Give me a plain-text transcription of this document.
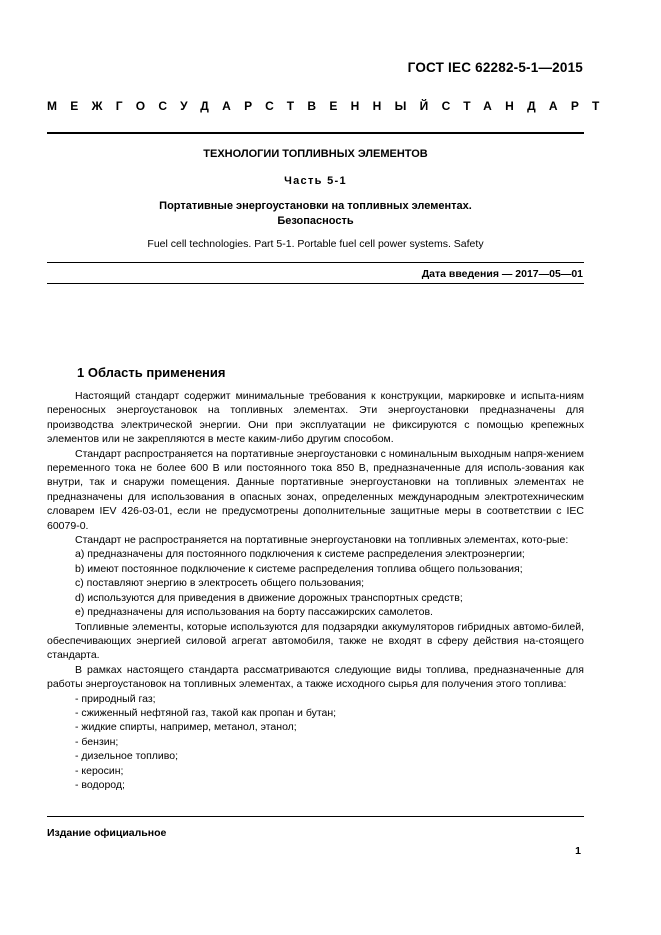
ГОСТ IEC 62282-5-1—2015
МЕЖГОСУДАРСТВЕННЫЙ СТАНДАРТ
ТЕХНОЛОГИИ ТОПЛИВНЫХ ЭЛЕМЕНТОВ
Часть 5-1
Портативные энергоустановки на топливных элементах.
Безопасность
Fuel cell technologies. Part 5-1. Portable fuel cell power systems. Safety
Дата введения — 2017—05—01
1 Область применения
Настоящий стандарт содержит минимальные требования к конструкции, маркировке и испыта-ниям переносных энергоустановок на топливных элементах. Эти энергоустановки предназначены для производства электрической энергии. Они при эксплуатации не фиксируются с помощью крепежных элементов или не закрепляются в месте каким-либо другим способом.
Стандарт распространяется на портативные энергоустановки с номинальным выходным напря-жением переменного тока не более 600 В или постоянного тока 850 В, предназначенные для исполь-зования как внутри, так и снаружи помещения. Данные портативные энергоустановки на топливных элементах не предназначены для использования в опасных зонах, определенных международным электротехническим словарем IEV 426-03-01, если не предусмотрены дополнительные защитные меры в соответствии с IEC 60079-0.
Стандарт не распространяется на портативные энергоустановки на топливных элементах, кото-рые:
а) предназначены для постоянного подключения к системе распределения электроэнергии;
b) имеют постоянное подключение к системе распределения топлива общего пользования;
c) поставляют энергию в электросеть общего пользования;
d) используются для приведения в движение дорожных транспортных средств;
e) предназначены для использования на борту пассажирских самолетов.
Топливные элементы, которые используются для подзарядки аккумуляторов гибридных автомо-билей, обеспечивающих энергией силовой агрегат автомобиля, также не входят в сферу действия на-стоящего стандарта.
В рамках настоящего стандарта рассматриваются следующие виды топлива, предназначенные для работы энергоустановок на топливных элементах, а также исходного сырья для получения этого топлива:
- природный газ;
- сжиженный нефтяной газ, такой как пропан и бутан;
- жидкие спирты, например, метанол, этанол;
- бензин;
- дизельное топливо;
- керосин;
- водород;
Издание официальное
1
